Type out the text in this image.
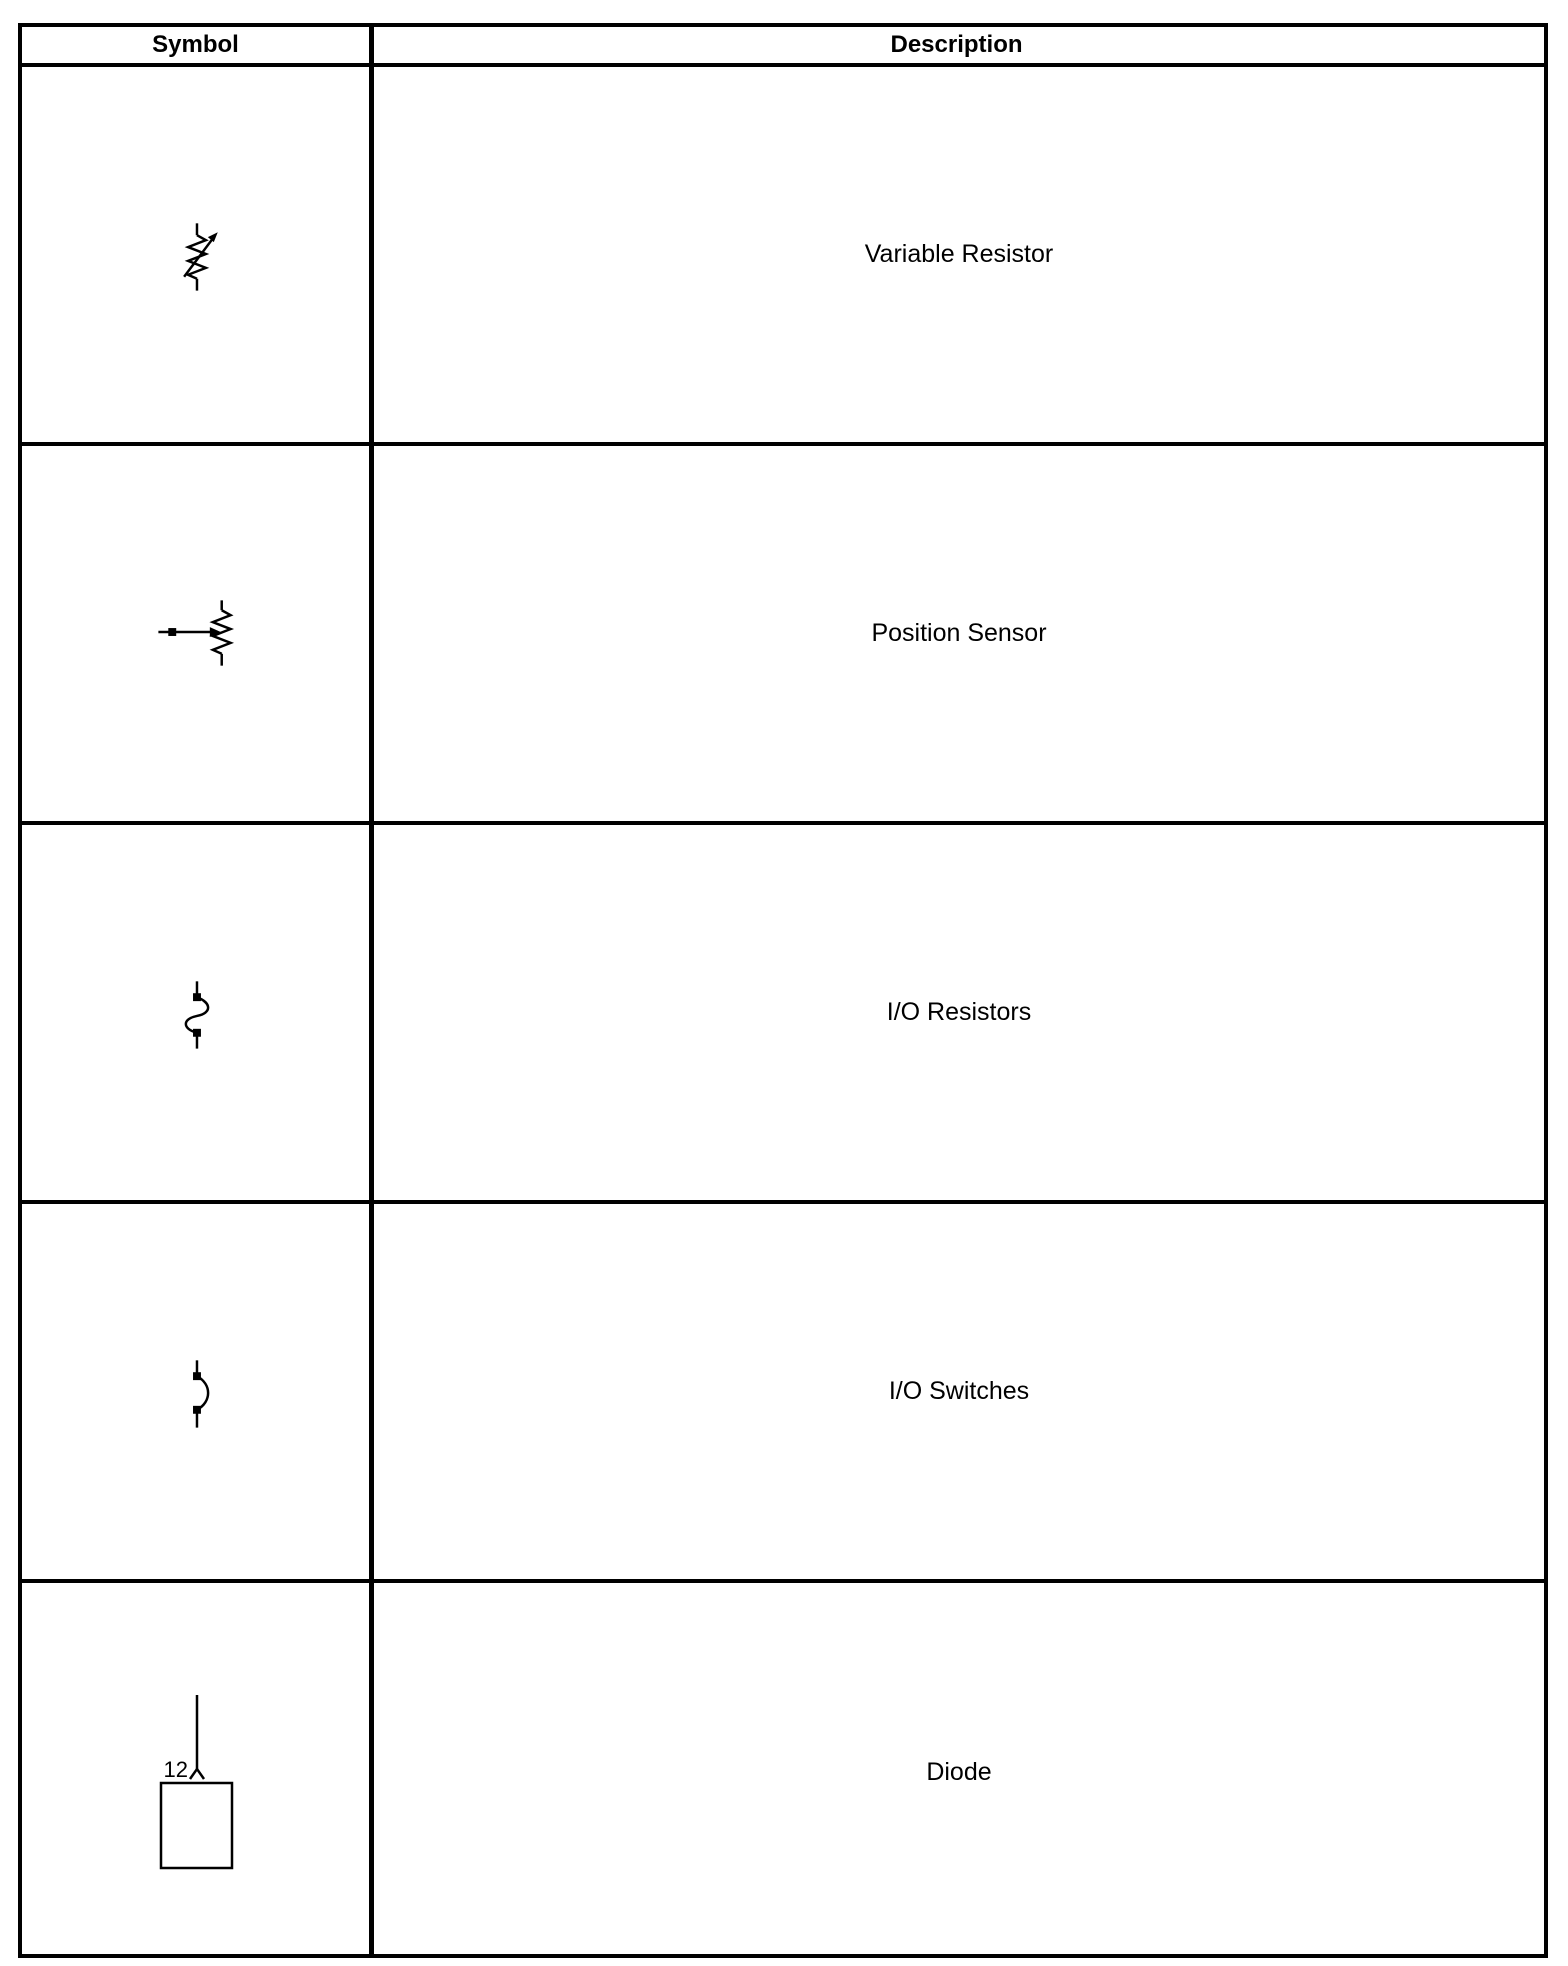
Symbol	Description
Variable Resistor
Position Sensor
I/O Resistors
I/O Switches
12	Diode
